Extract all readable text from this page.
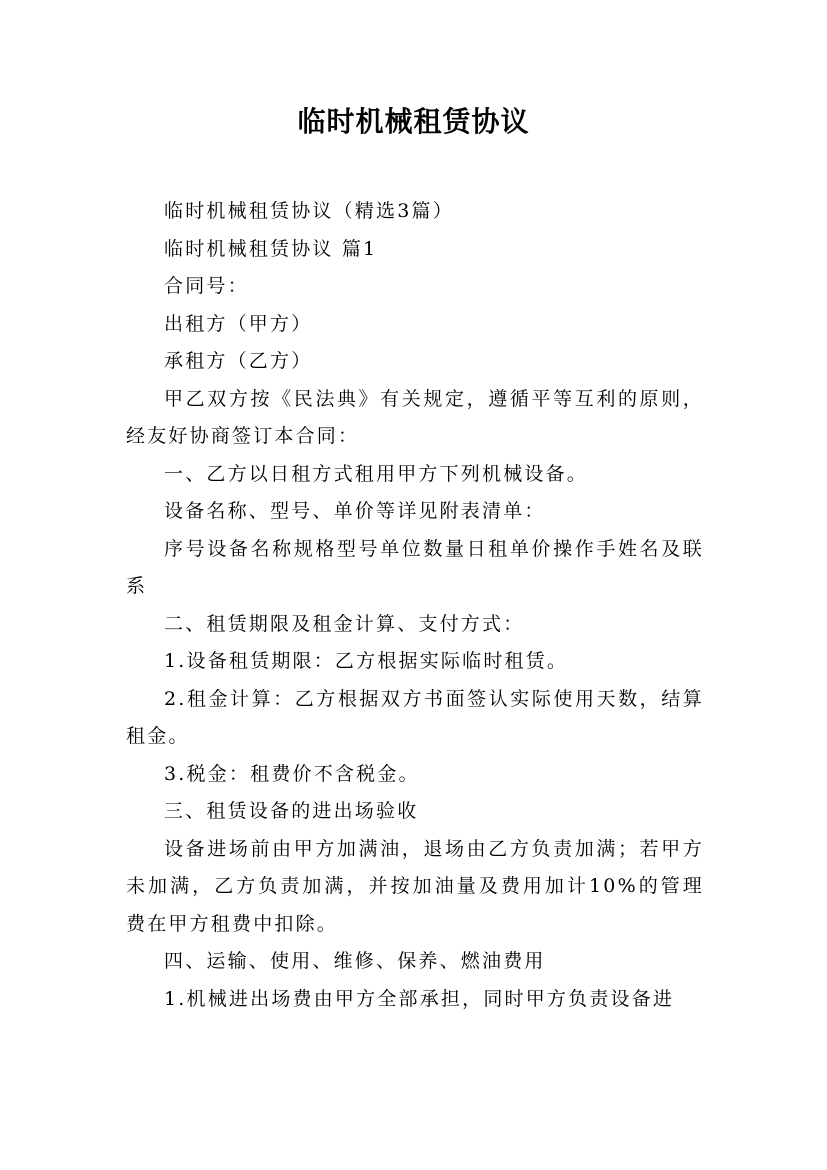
临时机械租赁协议

临时机械租赁协议（精选3篇）

临时机械租赁协议 篇1

合同号：

出租方（甲方）

承租方（乙方）

甲乙双方按《民法典》有关规定，遵循平等互利的原则，经友好协商签订本合同：

一、乙方以日租方式租用甲方下列机械设备。

设备名称、型号、单价等详见附表清单：

序号设备名称规格型号单位数量日租单价操作手姓名及联系

二、租赁期限及租金计算、支付方式：

1.设备租赁期限：乙方根据实际临时租赁。

2.租金计算：乙方根据双方书面签认实际使用天数，结算租金。

3.税金：租费价不含税金。

三、租赁设备的进出场验收

设备进场前由甲方加满油，退场由乙方负责加满；若甲方未加满，乙方负责加满，并按加油量及费用加计10%的管理费在甲方租费中扣除。

四、运输、使用、维修、保养、燃油费用

1.机械进出场费由甲方全部承担，同时甲方负责设备进
